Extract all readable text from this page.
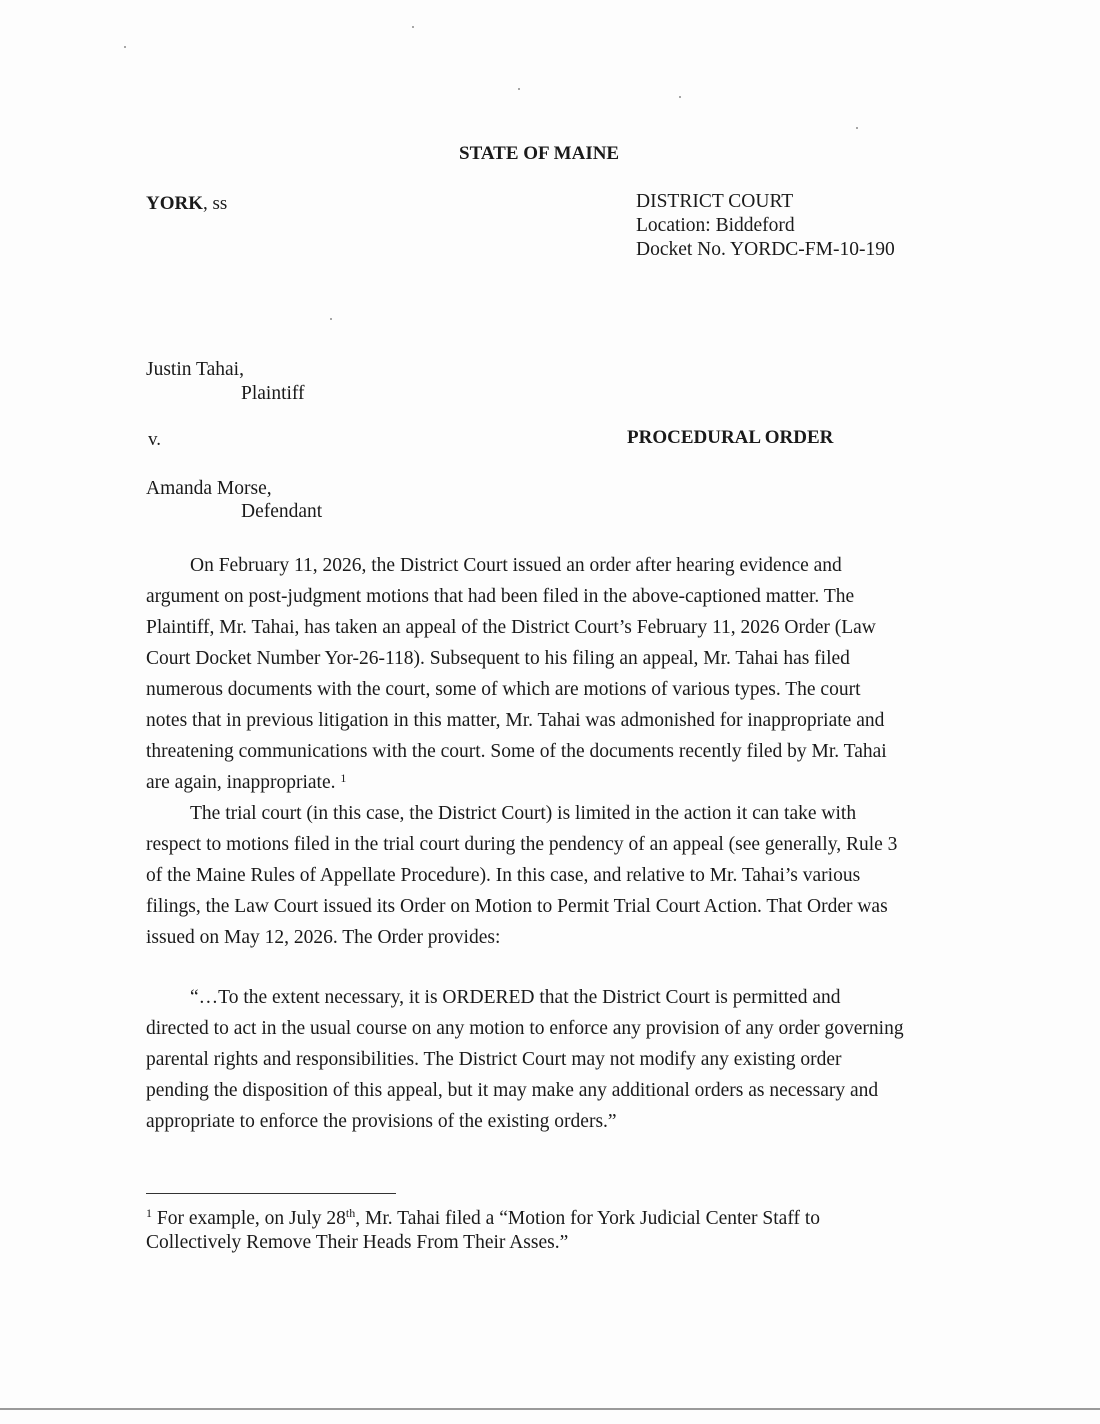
STATE OF MAINE
YORK, ss	DISTRICT COURT
Location: Biddeford
Docket No. YORDC-FM-10-190
Justin Tahai,
Plaintiff
v.	PROCEDURAL ORDER
Amanda Morse,
Defendant
On February 11, 2026, the District Court issued an order after hearing evidence and
argument on post-judgment motions that had been filed in the above-captioned matter. The
Plaintiff, Mr. Tahai, has taken an appeal of the District Court’s February 11, 2026 Order (Law
Court Docket Number Yor-26-118). Subsequent to his filing an appeal, Mr. Tahai has filed
numerous documents with the court, some of which are motions of various types. The court
notes that in previous litigation in this matter, Mr. Tahai was admonished for inappropriate and
threatening communications with the court. Some of the documents recently filed by Mr. Tahai
are again, inappropriate. $^1$
The trial court (in this case, the District Court) is limited in the action it can take with
respect to motions filed in the trial court during the pendency of an appeal (see generally, Rule 3
of the Maine Rules of Appellate Procedure). In this case, and relative to Mr. Tahai’s various
filings, the Law Court issued its Order on Motion to Permit Trial Court Action. That Order was
issued on May 12, 2026. The Order provides:
“…To the extent necessary, it is ORDERED that the District Court is permitted and
directed to act in the usual course on any motion to enforce any provision of any order governing
parental rights and responsibilities. The District Court may not modify any existing order
pending the disposition of this appeal, but it may make any additional orders as necessary and
appropriate to enforce the provisions of the existing orders.”
$^1$ For example, on July 28th, Mr. Tahai filed a “Motion for York Judicial Center Staff to
Collectively Remove Their Heads From Their Asses.”
